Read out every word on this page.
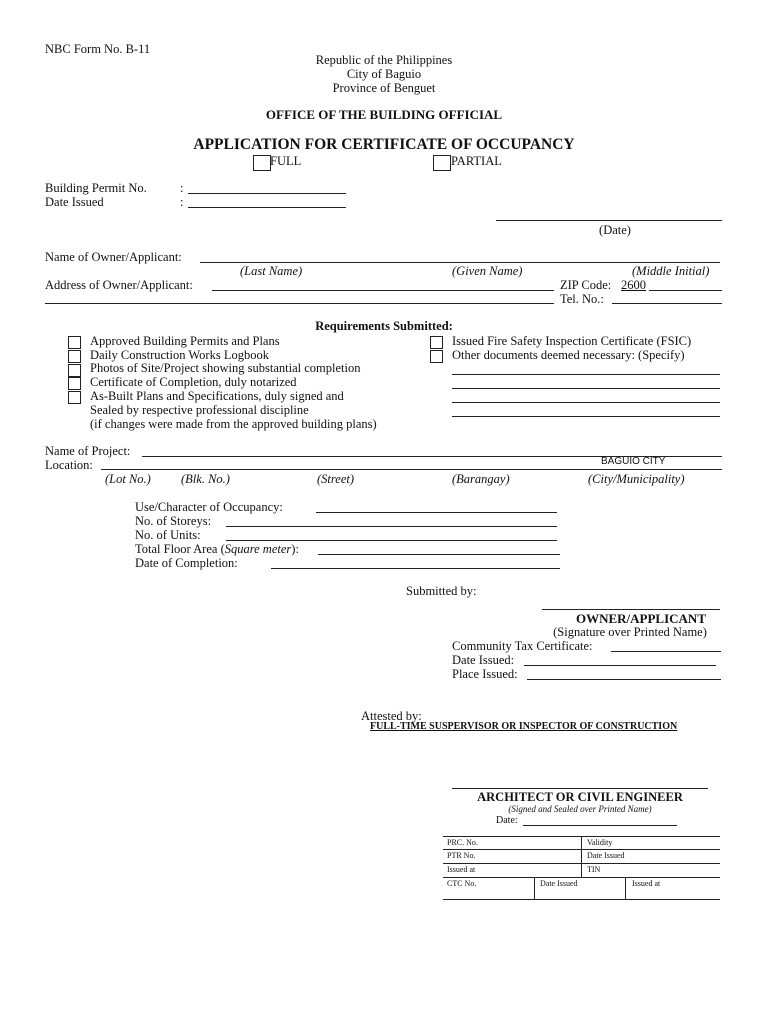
NBC Form No. B-11
Republic of the Philippines
City of Baguio
Province of Benguet
OFFICE OF THE BUILDING OFFICIAL
APPLICATION FOR CERTIFICATE OF OCCUPANCY
FULL	PARTIAL
Building Permit No.	:
Date Issued	:
(Date)
Name of Owner/Applicant:
(Last Name)	(Given Name)	(Middle Initial)
Address of Owner/Applicant:	ZIP Code: 2600
Tel. No.:
Requirements Submitted:
Approved Building Permits and Plans
Daily Construction Works Logbook
Photos of Site/Project showing substantial completion
Certificate of Completion, duly notarized
As-Built Plans and Specifications, duly signed and
Sealed by respective professional discipline
(if changes were made from the approved building plans)
Issued Fire Safety Inspection Certificate (FSIC)
Other documents deemed necessary: (Specify)
Name of Project:
Location:	BAGUIO CITY
(Lot No.) (Blk. No.)	(Street)	(Barangay)	(City/Municipality)
Use/Character of Occupancy:
No. of Storeys:
No. of Units:
Total Floor Area (Square meter):
Date of Completion:
Submitted by:
OWNER/APPLICANT
(Signature over Printed Name)
Community Tax Certificate:
Date Issued:
Place Issued:
Attested by:
FULL-TIME SUSPERVISOR OR INSPECTOR OF CONSTRUCTION
ARCHITECT OR CIVIL ENGINEER
(Signed and Sealed over Printed Name)
Date:
PRC. No.	Validity
PTR No.	Date Issued
Issued at	TIN
CTC No.	Date Issued	Issued at
